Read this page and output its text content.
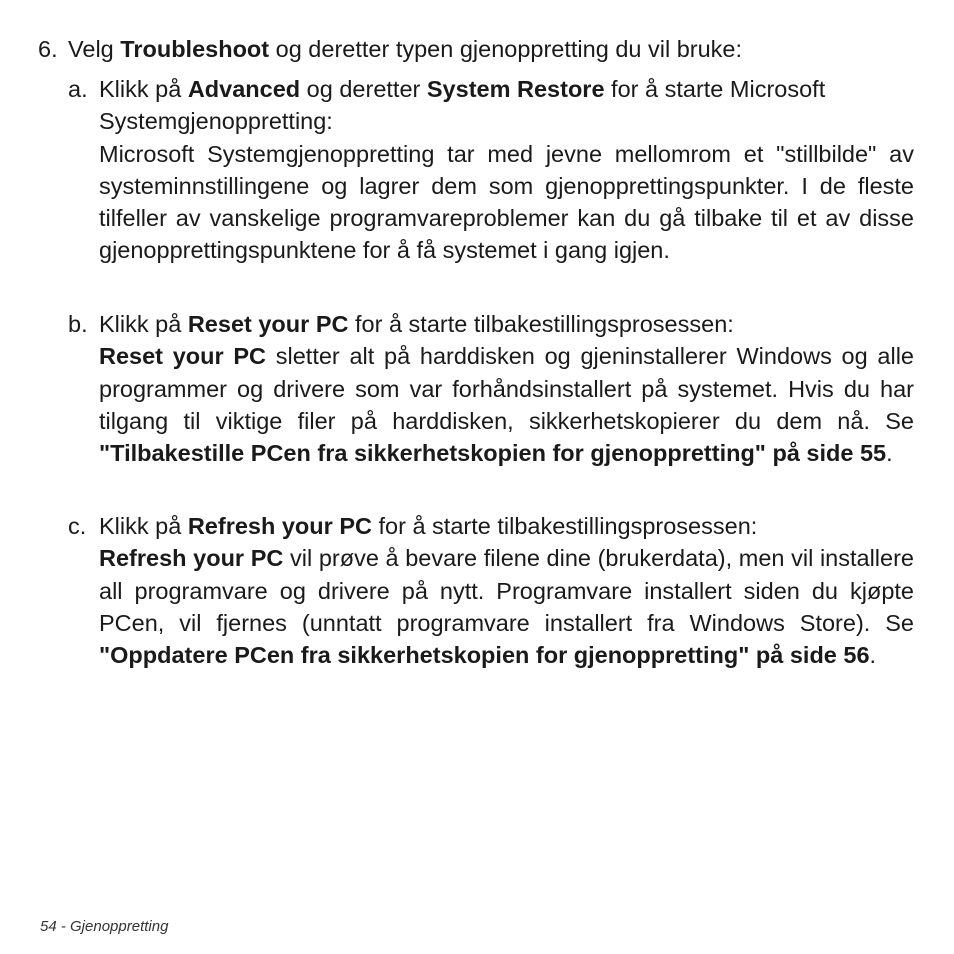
6. Velg Troubleshoot og deretter typen gjenoppretting du vil bruke:
a. Klikk på Advanced og deretter System Restore for å starte Microsoft Systemgjenoppretting:
Microsoft Systemgjenoppretting tar med jevne mellomrom et "stillbilde" av systeminnstillingene og lagrer dem som gjenopprettingspunkter. I de fleste tilfeller av vanskelige programvareproblemer kan du gå tilbake til et av disse gjenopprettingspunktene for å få systemet i gang igjen.
b. Klikk på Reset your PC for å starte tilbakestillingsprosessen:
Reset your PC sletter alt på harddisken og gjeninstallerer Windows og alle programmer og drivere som var forhåndsinstallert på systemet. Hvis du har tilgang til viktige filer på harddisken, sikkerhetskopierer du dem nå. Se "Tilbakestille PCen fra sikkerhetskopien for gjenoppretting" på side 55.
c. Klikk på Refresh your PC for å starte tilbakestillingsprosessen:
Refresh your PC vil prøve å bevare filene dine (brukerdata), men vil installere all programvare og drivere på nytt. Programvare installert siden du kjøpte PCen, vil fjernes (unntatt programvare installert fra Windows Store). Se "Oppdatere PCen fra sikkerhetskopien for gjenoppretting" på side 56.
54 - Gjenoppretting
